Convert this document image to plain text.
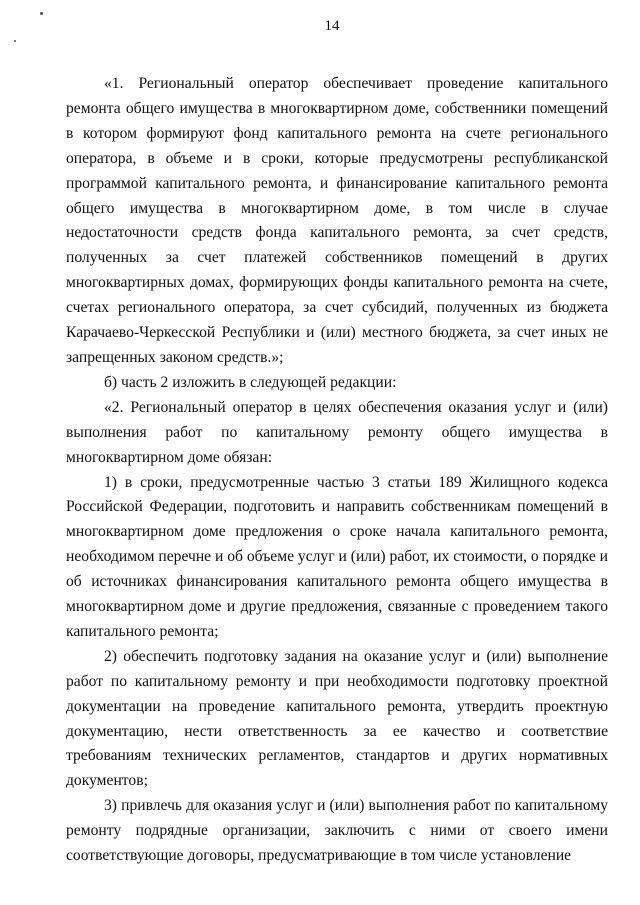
14

«1. Региональный оператор обеспечивает проведение капитального ремонта общего имущества в многоквартирном доме, собственники помещений в котором формируют фонд капитального ремонта на счете регионального оператора, в объеме и в сроки, которые предусмотрены республиканской программой капитального ремонта, и финансирование капитального ремонта общего имущества в многоквартирном доме, в том числе в случае недостаточности средств фонда капитального ремонта, за счет средств, полученных за счет платежей собственников помещений в других многоквартирных домах, формирующих фонды капитального ремонта на счете, счетах регионального оператора, за счет субсидий, полученных из бюджета Карачаево-Черкесской Республики и (или) местного бюджета, за счет иных не запрещенных законом средств.»;

б) часть 2 изложить в следующей редакции:

«2. Региональный оператор в целях обеспечения оказания услуг и (или) выполнения работ по капитальному ремонту общего имущества в многоквартирном доме обязан:

1) в сроки, предусмотренные частью 3 статьи 189 Жилищного кодекса Российской Федерации, подготовить и направить собственникам помещений в многоквартирном доме предложения о сроке начала капитального ремонта, необходимом перечне и об объеме услуг и (или) работ, их стоимости, о порядке и об источниках финансирования капитального ремонта общего имущества в многоквартирном доме и другие предложения, связанные с проведением такого капитального ремонта;

2) обеспечить подготовку задания на оказание услуг и (или) выполнение работ по капитальному ремонту и при необходимости подготовку проектной документации на проведение капитального ремонта, утвердить проектную документацию, нести ответственность за ее качество и соответствие требованиям технических регламентов, стандартов и других нормативных документов;

3) привлечь для оказания услуг и (или) выполнения работ по капитальному ремонту подрядные организации, заключить с ними от своего имени соответствующие договоры, предусматривающие в том числе установление
